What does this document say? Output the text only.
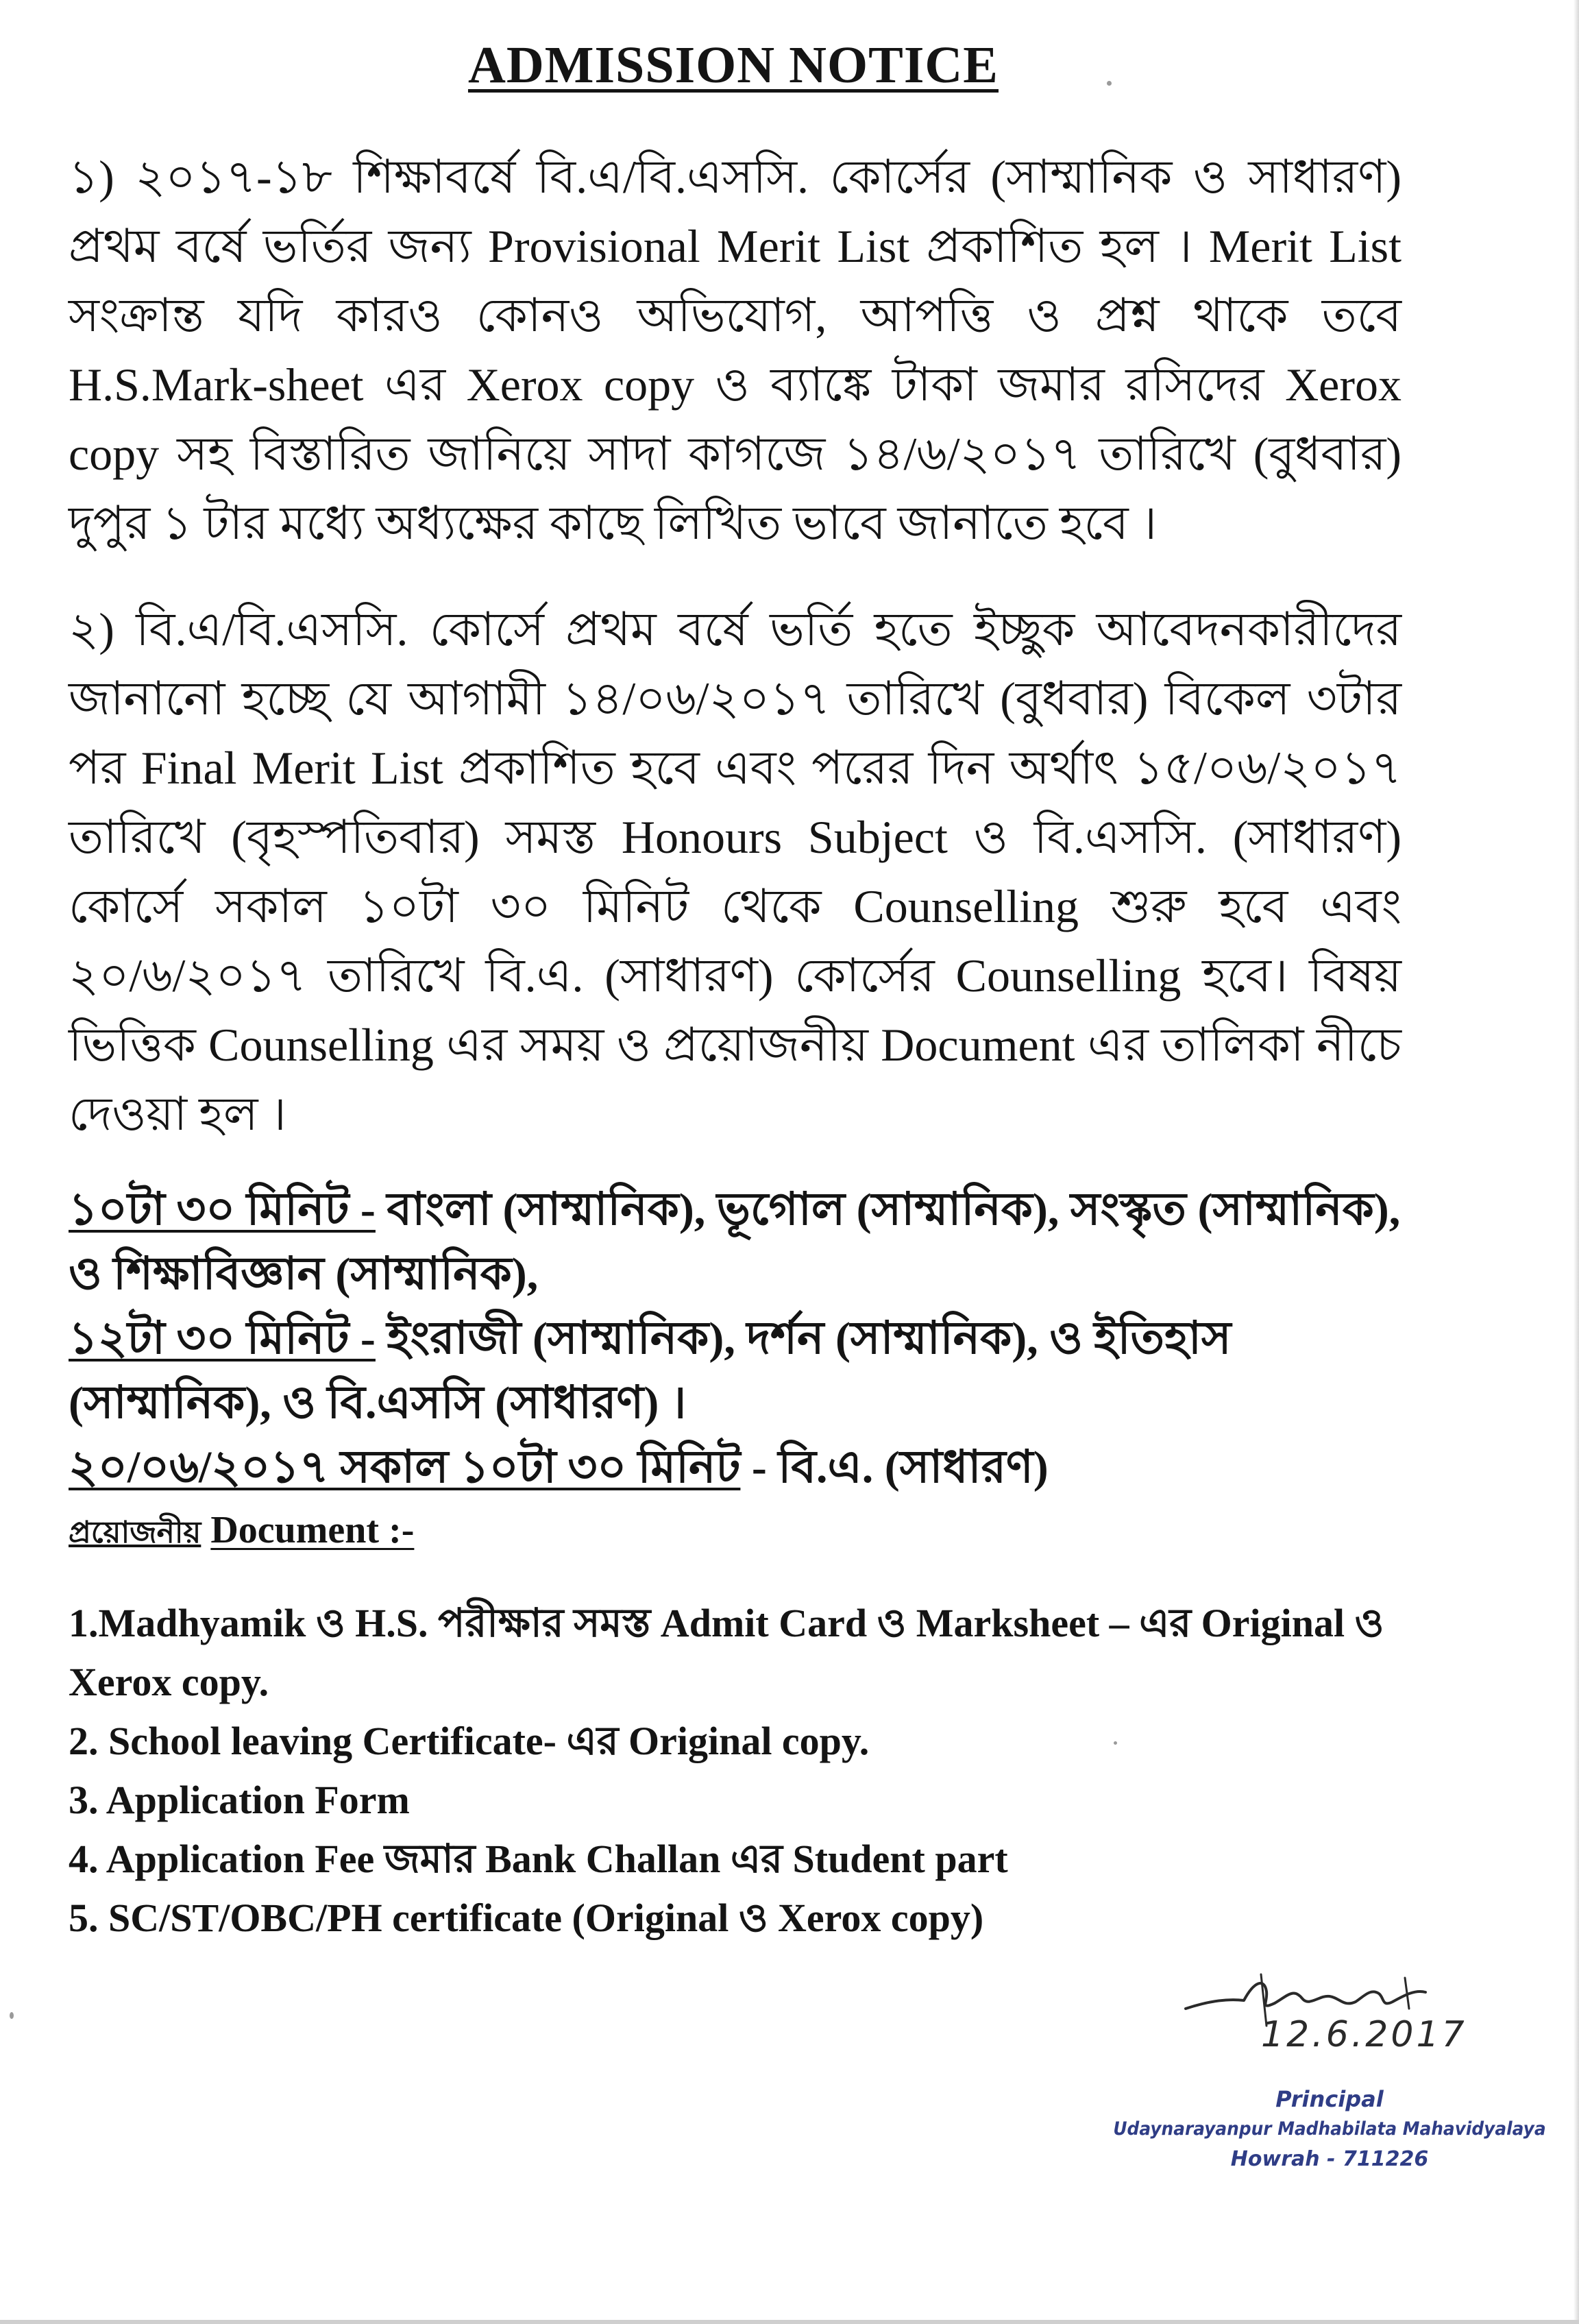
ADMISSION NOTICE
১) ২০১৭-১৮ শিক্ষাবর্ষে বি.এ/বি.এসসি. কোর্সের (সাম্মানিক ও সাধারণ) প্রথম বর্ষে ভর্তির জন্য Provisional Merit List প্রকাশিত হল । Merit List সংক্রান্ত যদি কারও কোনও অভিযোগ, আপত্তি ও প্রশ্ন থাকে তবে H.S.Mark-sheet এর Xerox copy ও ব্যাঙ্কে টাকা জমার রসিদের Xerox copy সহ বিস্তারিত জানিয়ে সাদা কাগজে ১৪/৬/২০১৭ তারিখে (বুধবার) দুপুর ১ টার মধ্যে অধ্যক্ষের কাছে লিখিত ভাবে জানাতে হবে ।
২) বি.এ/বি.এসসি. কোর্সে প্রথম বর্ষে ভর্তি হতে ইচ্ছুক আবেদনকারীদের জানানো হচ্ছে যে আগামী ১৪/০৬/২০১৭ তারিখে (বুধবার) বিকেল ৩টার পর Final Merit List প্রকাশিত হবে এবং পরের দিন অর্থাৎ ১৫/০৬/২০১৭ তারিখে (বৃহস্পতিবার) সমস্ত Honours Subject ও বি.এসসি. (সাধারণ) কোর্সে সকাল ১০টা ৩০ মিনিট থেকে Counselling শুরু হবে এবং ২০/৬/২০১৭ তারিখে বি.এ. (সাধারণ) কোর্সের Counselling হবে। বিষয় ভিত্তিক Counselling এর সময় ও প্রয়োজনীয় Document এর তালিকা নীচে দেওয়া হল ।
১০টা ৩০ মিনিট - বাংলা (সাম্মানিক), ভূগোল (সাম্মানিক), সংস্কৃত (সাম্মানিক), ও শিক্ষাবিজ্ঞান (সাম্মানিক),
১২টা ৩০ মিনিট - ইংরাজী (সাম্মানিক), দর্শন (সাম্মানিক), ও ইতিহাস (সাম্মানিক), ও বি.এসসি (সাধারণ) ।
২০/০৬/২০১৭ সকাল ১০টা ৩০ মিনিট - বি.এ. (সাধারণ)
প্রয়োজনীয় Document :-
1.Madhyamik ও H.S. পরীক্ষার সমস্ত Admit Card ও Marksheet – এর Original ও Xerox copy.
2. School leaving Certificate- এর Original copy.
3. Application Form
4. Application Fee জমার Bank Challan এর Student part
5. SC/ST/OBC/PH certificate (Original ও Xerox copy)
12.6.2017
Principal
Udaynarayanpur Madhabilata Mahavidyalaya
Howrah - 711226
